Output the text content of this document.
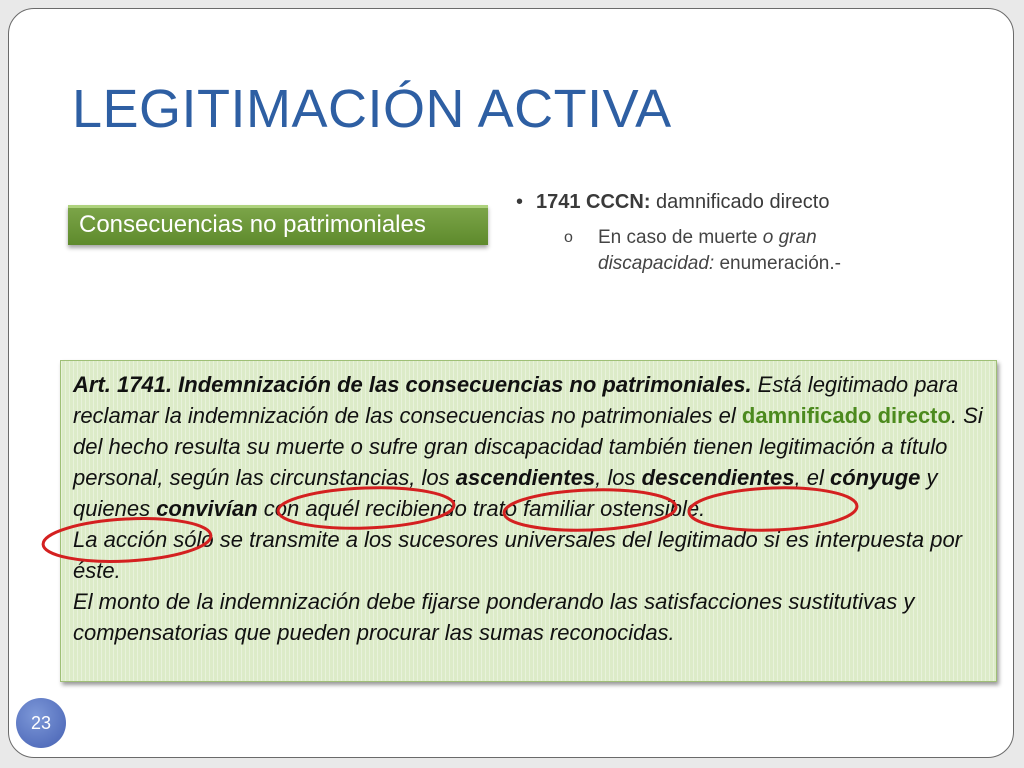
LEGITIMACIÓN ACTIVA
Consecuencias no patrimoniales
• 1741 CCCN: damnificado directo
o En caso de muerte o gran discapacidad: enumeración.-

Art. 1741. Indemnización de las consecuencias no patrimoniales. Está legitimado para reclamar la indemnización de las consecuencias no patrimoniales el damnificado directo. Si del hecho resulta su muerte o sufre gran discapacidad también tienen legitimación a título personal, según las circunstancias, los ascendientes, los descendientes, el cónyuge y quienes convivían con aquél recibiendo trato familiar ostensible.

La acción sólo se transmite a los sucesores universales del legitimado si es interpuesta por éste.

El monto de la indemnización debe fijarse ponderando las satisfacciones sustitutivas y compensatorias que pueden procurar las sumas reconocidas.

23
